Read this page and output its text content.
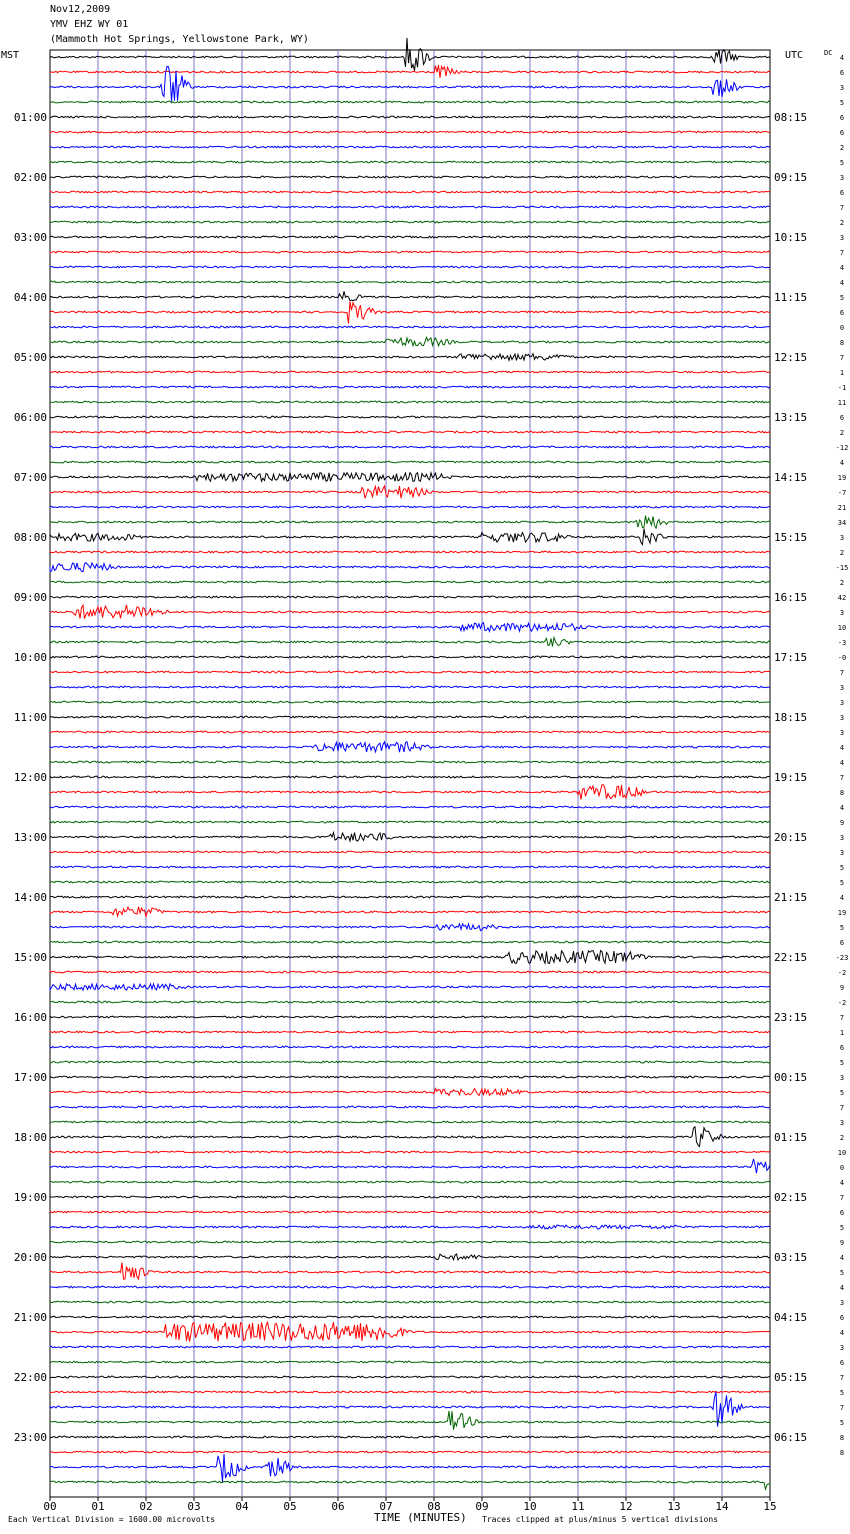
Nov12,2009
YMV EHZ WY 01
(Mammoth Hot Springs, Yellowstone Park, WY)
MST	UTC	DC
00	01	02	03	04	05	06	07	08	09	10	11	12	13	14	15
4
6
3
5
6
6
2
5
3
6
7
2
3
7
4
4
5
6
0
8
7
1
-1
11
6
2
-12
4
19
-7
21
34
3
2
-15
2
42
3
10
-3
-0
7
3
3
3
3
4
4
7
8
4
9
3
3
5
5
4
19
5
6
-23
-2
9
-2
7
1
6
5
3
5
7
3
2
10
0
4
7
6
5
9
4
5
4
3
6
4
3
6
7
5
7
5
8
8
01:00	08:15
02:00	09:15
03:00	10:15
04:00	11:15
05:00	12:15
06:00	13:15
07:00	14:15
08:00	15:15
09:00	16:15
10:00	17:15
11:00	18:15
12:00	19:15
13:00	20:15
14:00	21:15
15:00	22:15
16:00	23:15
17:00	00:15
18:00	01:15
19:00	02:15
20:00	03:15
21:00	04:15
22:00	05:15
23:00	06:15
Each Vertical Division = 1600.00 microvolts	TIME (MINUTES) Traces clipped at plus/minus 5 vertical divisions
